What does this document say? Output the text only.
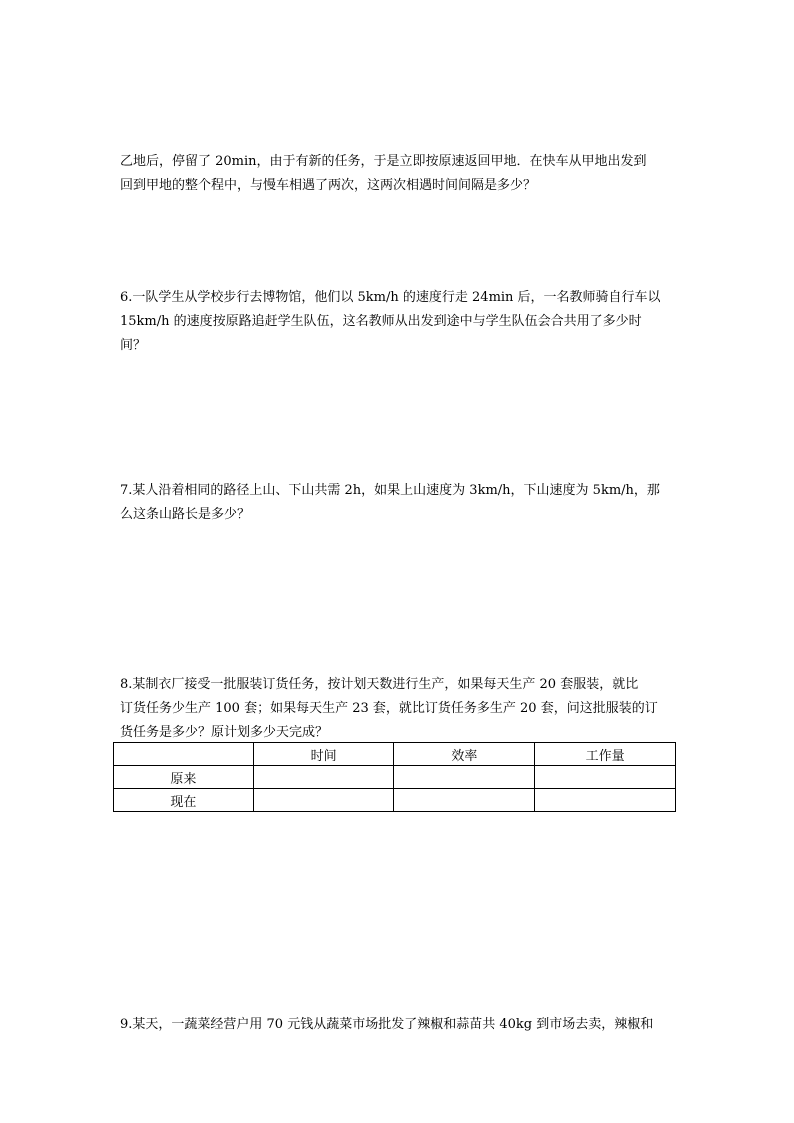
乙地后，停留了 20min，由于有新的任务，于是立即按原速返回甲地．在快车从甲地出发到
回到甲地的整个程中，与慢车相遇了两次，这两次相遇时间间隔是多少？
6.一队学生从学校步行去博物馆，他们以 5km/h 的速度行走 24min 后，一名教师骑自行车以
15km/h 的速度按原路追赶学生队伍，这名教师从出发到途中与学生队伍会合共用了多少时
间？
7.某人沿着相同的路径上山、下山共需 2h，如果上山速度为 3km/h，下山速度为 5km/h，那
么这条山路长是多少？
8.某制衣厂接受一批服装订货任务，按计划天数进行生产，如果每天生产 20 套服装，就比
订货任务少生产 100 套；如果每天生产 23 套，就比订货任务多生产 20 套，问这批服装的订
货任务是多少？原计划多少天完成？
	时间	效率	工作量
原来			
现在			
9.某天，一蔬菜经营户用 70 元钱从蔬菜市场批发了辣椒和蒜苗共 40kg 到市场去卖，辣椒和
